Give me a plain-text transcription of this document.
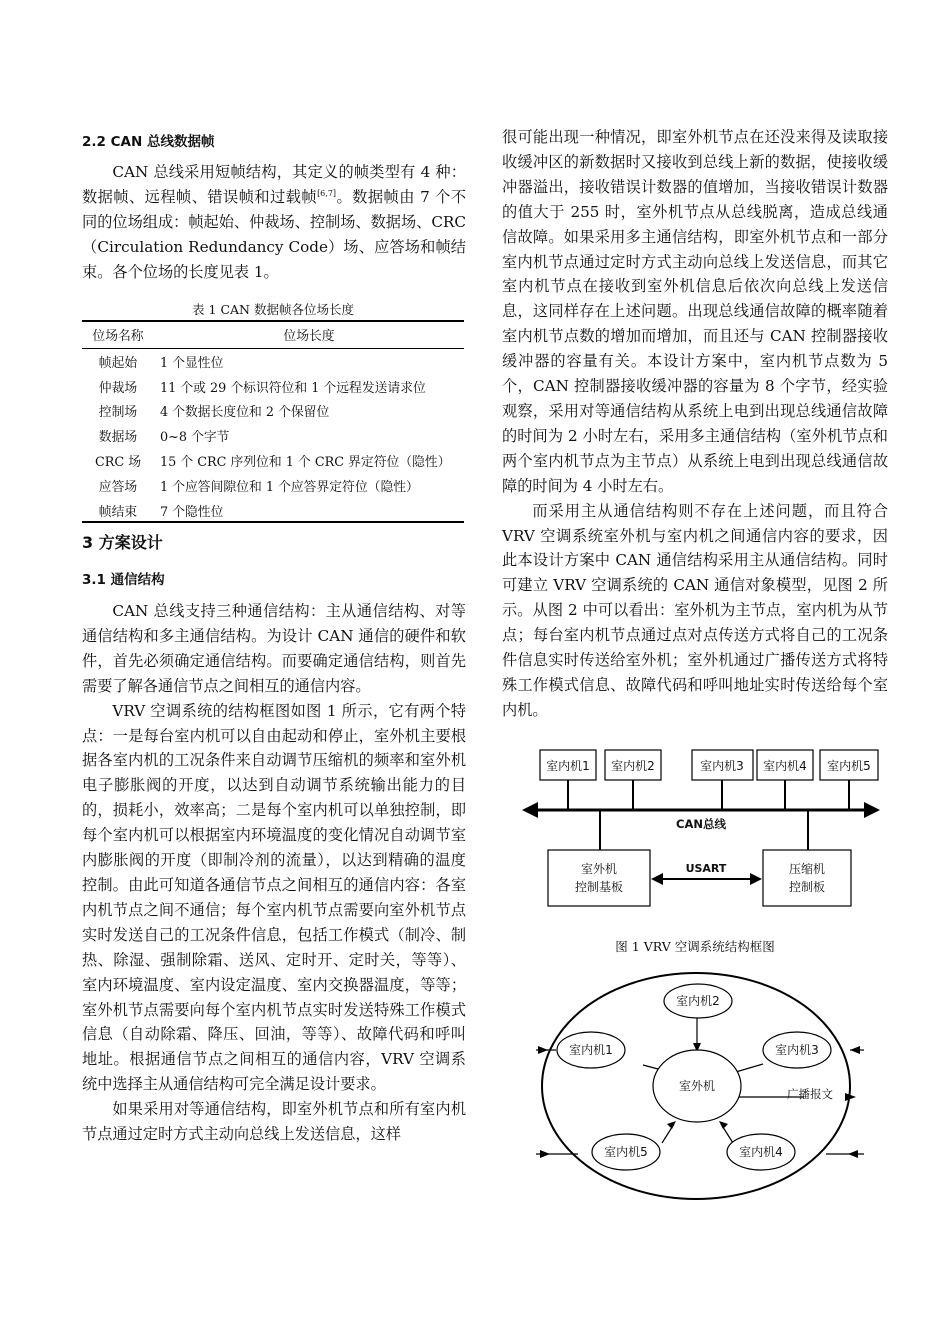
2.2 CAN 总线数据帧

CAN 总线采用短帧结构，其定义的帧类型有 4 种：数据帧、远程帧、错误帧和过载帧[6,7]。数据帧由 7 个不同的位场组成：帧起始、仲裁场、控制场、数据场、CRC（Circulation Redundancy Code）场、应答场和帧结束。各个位场的长度见表 1。

表 1 CAN 数据帧各位场长度
位场名称	位场长度
帧起始	1 个显性位
仲裁场	11 个或 29 个标识符位和 1 个远程发送请求位
控制场	4 个数据长度位和 2 个保留位
数据场	0~8 个字节
CRC 场	15 个 CRC 序列位和 1 个 CRC 界定符位（隐性）
应答场	1 个应答间隙位和 1 个应答界定符位（隐性）
帧结束	7 个隐性位
3 方案设计
3.1 通信结构

CAN 总线支持三种通信结构：主从通信结构、对等通信结构和多主通信结构。为设计 CAN 通信的硬件和软件，首先必须确定通信结构。而要确定通信结构，则首先需要了解各通信节点之间相互的通信内容。

VRV 空调系统的结构框图如图 1 所示，它有两个特点：一是每台室内机可以自由起动和停止，室外机主要根据各室内机的工况条件来自动调节压缩机的频率和室外机电子膨胀阀的开度，以达到自动调节系统输出能力的目的，损耗小，效率高；二是每个室内机可以单独控制，即每个室内机可以根据室内环境温度的变化情况自动调节室内膨胀阀的开度（即制冷剂的流量），以达到精确的温度控制。由此可知道各通信节点之间相互的通信内容：各室内机节点之间不通信；每个室内机节点需要向室外机节点实时发送自己的工况条件信息，包括工作模式（制冷、制热、除湿、强制除霜、送风、定时开、定时关，等等）、室内环境温度、室内设定温度、室内交换器温度，等等；室外机节点需要向每个室内机节点实时发送特殊工作模式信息（自动除霜、降压、回油，等等）、故障代码和呼叫地址。根据通信节点之间相互的通信内容，VRV 空调系统中选择主从通信结构可完全满足设计要求。

如果采用对等通信结构，即室外机节点和所有室内机节点通过定时方式主动向总线上发送信息，这样

很可能出现一种情况，即室外机节点在还没来得及读取接收缓冲区的新数据时又接收到总线上新的数据，使接收缓冲器溢出，接收错误计数器的值增加，当接收错误计数器的值大于 255 时，室外机节点从总线脱离，造成总线通信故障。如果采用多主通信结构，即室外机节点和一部分室内机节点通过定时方式主动向总线上发送信息，而其它室内机节点在接收到室外机信息后依次向总线上发送信息，这同样存在上述问题。出现总线通信故障的概率随着室内机节点数的增加而增加，而且还与 CAN 控制器接收缓冲器的容量有关。本设计方案中，室内机节点数为 5 个，CAN 控制器接收缓冲器的容量为 8 个字节，经实验观察，采用对等通信结构从系统上电到出现总线通信故障的时间为 2 小时左右，采用多主通信结构（室外机节点和两个室内机节点为主节点）从系统上电到出现总线通信故障的时间为 4 小时左右。

而采用主从通信结构则不存在上述问题，而且符合 VRV 空调系统室外机与室内机之间通信内容的要求，因此本设计方案中 CAN 通信结构采用主从通信结构。同时可建立 VRV 空调系统的 CAN 通信对象模型，见图 2 所示。从图 2 中可以看出：室外机为主节点，室内机为从节点；每台室内机节点通过点对点传送方式将自己的工况条件信息实时传送给室外机；室外机通过广播传送方式将特殊工作模式信息、故障代码和呼叫地址实时传送给每个室内机。

室内机1 室内机2	室内机3 室内机4 室内机5
CAN总线
室外机
控制基板
压缩机
控制板
USART
图 1 VRV 空调系统结构框图
室外机
室内机2
室内机1	室内机3
室内机5	室内机4
广播报文
